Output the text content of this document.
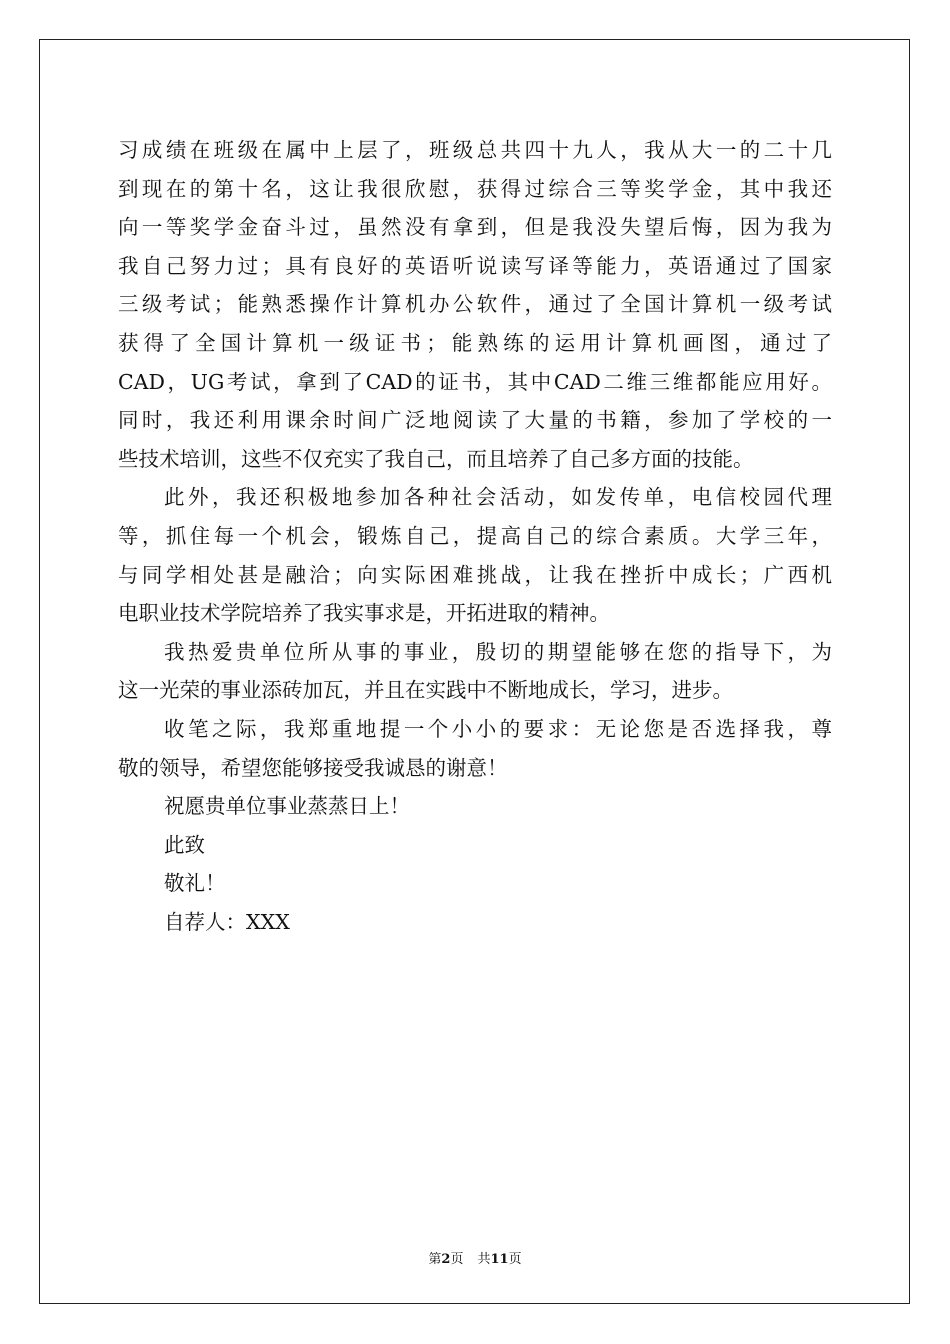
习成绩在班级在属中上层了，班级总共四十九人，我从大一的二十几
到现在的第十名，这让我很欣慰，获得过综合三等奖学金，其中我还
向一等奖学金奋斗过，虽然没有拿到，但是我没失望后悔，因为我为
我自己努力过；具有良好的英语听说读写译等能力，英语通过了国家
三级考试；能熟悉操作计算机办公软件，通过了全国计算机一级考试
获得了全国计算机一级证书；能熟练的运用计算机画图，通过了
CAD，UG考试，拿到了CAD的证书，其中CAD二维三维都能应用好。
同时，我还利用课余时间广泛地阅读了大量的书籍，参加了学校的一
些技术培训，这些不仅充实了我自己，而且培养了自己多方面的技能。
此外，我还积极地参加各种社会活动，如发传单，电信校园代理
等，抓住每一个机会，锻炼自己，提高自己的综合素质。大学三年，
与同学相处甚是融洽；向实际困难挑战，让我在挫折中成长；广西机
电职业技术学院培养了我实事求是，开拓进取的精神。
我热爱贵单位所从事的事业，殷切的期望能够在您的指导下，为
这一光荣的事业添砖加瓦，并且在实践中不断地成长，学习，进步。
收笔之际，我郑重地提一个小小的要求：无论您是否选择我，尊
敬的领导，希望您能够接受我诚恳的谢意！
祝愿贵单位事业蒸蒸日上！
此致
敬礼！
自荐人：XXX
第2页 共11页
